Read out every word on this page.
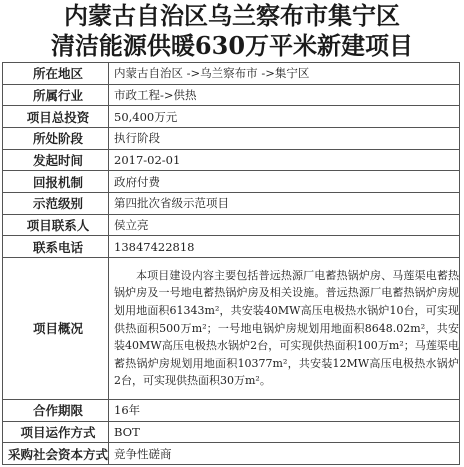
内蒙古自治区乌兰察布市集宁区
清洁能源供暖630万平米新建项目
所在地区	内蒙古自治区 ->乌兰察布市 ->集宁区
所属行业	市政工程->供热
项目总投资	50,400万元
所处阶段	执行阶段
发起时间	2017-02-01
回报机制	政府付费
示范级别	第四批次省级示范项目
项目联系人	侯立亮
联系电话	13847422818
项目概况	本项目建设内容主要包括普远热源厂电蓄热锅炉房、马莲渠电蓄热锅炉房及一号地电蓄热锅炉房及相关设施。普远热源厂电蓄热锅炉房规划用地面积61343m²，共安装40MW高压电极热水锅炉10台，可实现供热面积500万m²；一号地电锅炉房规划用地面积8648.02m²，共安装40MW高压电极热水锅炉2台，可实现供热面积100万m²；马莲渠电蓄热锅炉房规划用地面积10377m²，共安装12MW高压电极热水锅炉2台，可实现供热面积30万m²。
合作期限	16年
项目运作方式	BOT
采购社会资本方式	竞争性磋商
